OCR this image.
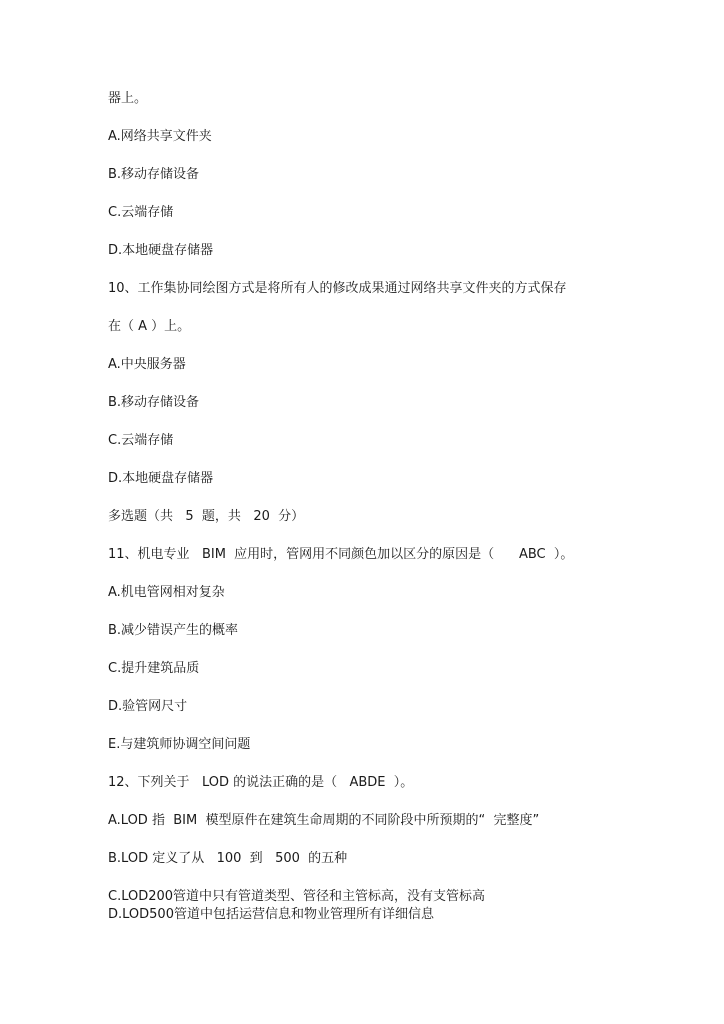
器上。
A.网络共享文件夹
B.移动存储设备
C.云端存储
D.本地硬盘存储器
10、工作集协同绘图方式是将所有人的修改成果通过网络共享文件夹的方式保存
在（ A ）上。
A.中央服务器
B.移动存储设备
C.云端存储
D.本地硬盘存储器
多选题（共   5  题，共   20  分）
11、机电专业   BIM  应用时，管网用不同颜色加以区分的原因是（      ABC  ）。
A.机电管网相对复杂
B.减少错误产生的概率
C.提升建筑品质
D.验管网尺寸
E.与建筑师协调空间问题
12、下列关于   LOD 的说法正确的是（   ABDE  ）。
A.LOD 指  BIM  模型原件在建筑生命周期的不同阶段中所预期的“  完整度”
B.LOD 定义了从   100  到   500  的五种
C.LOD200管道中只有管道类型、管径和主管标高，没有支管标高
D.LOD500管道中包括运营信息和物业管理所有详细信息
